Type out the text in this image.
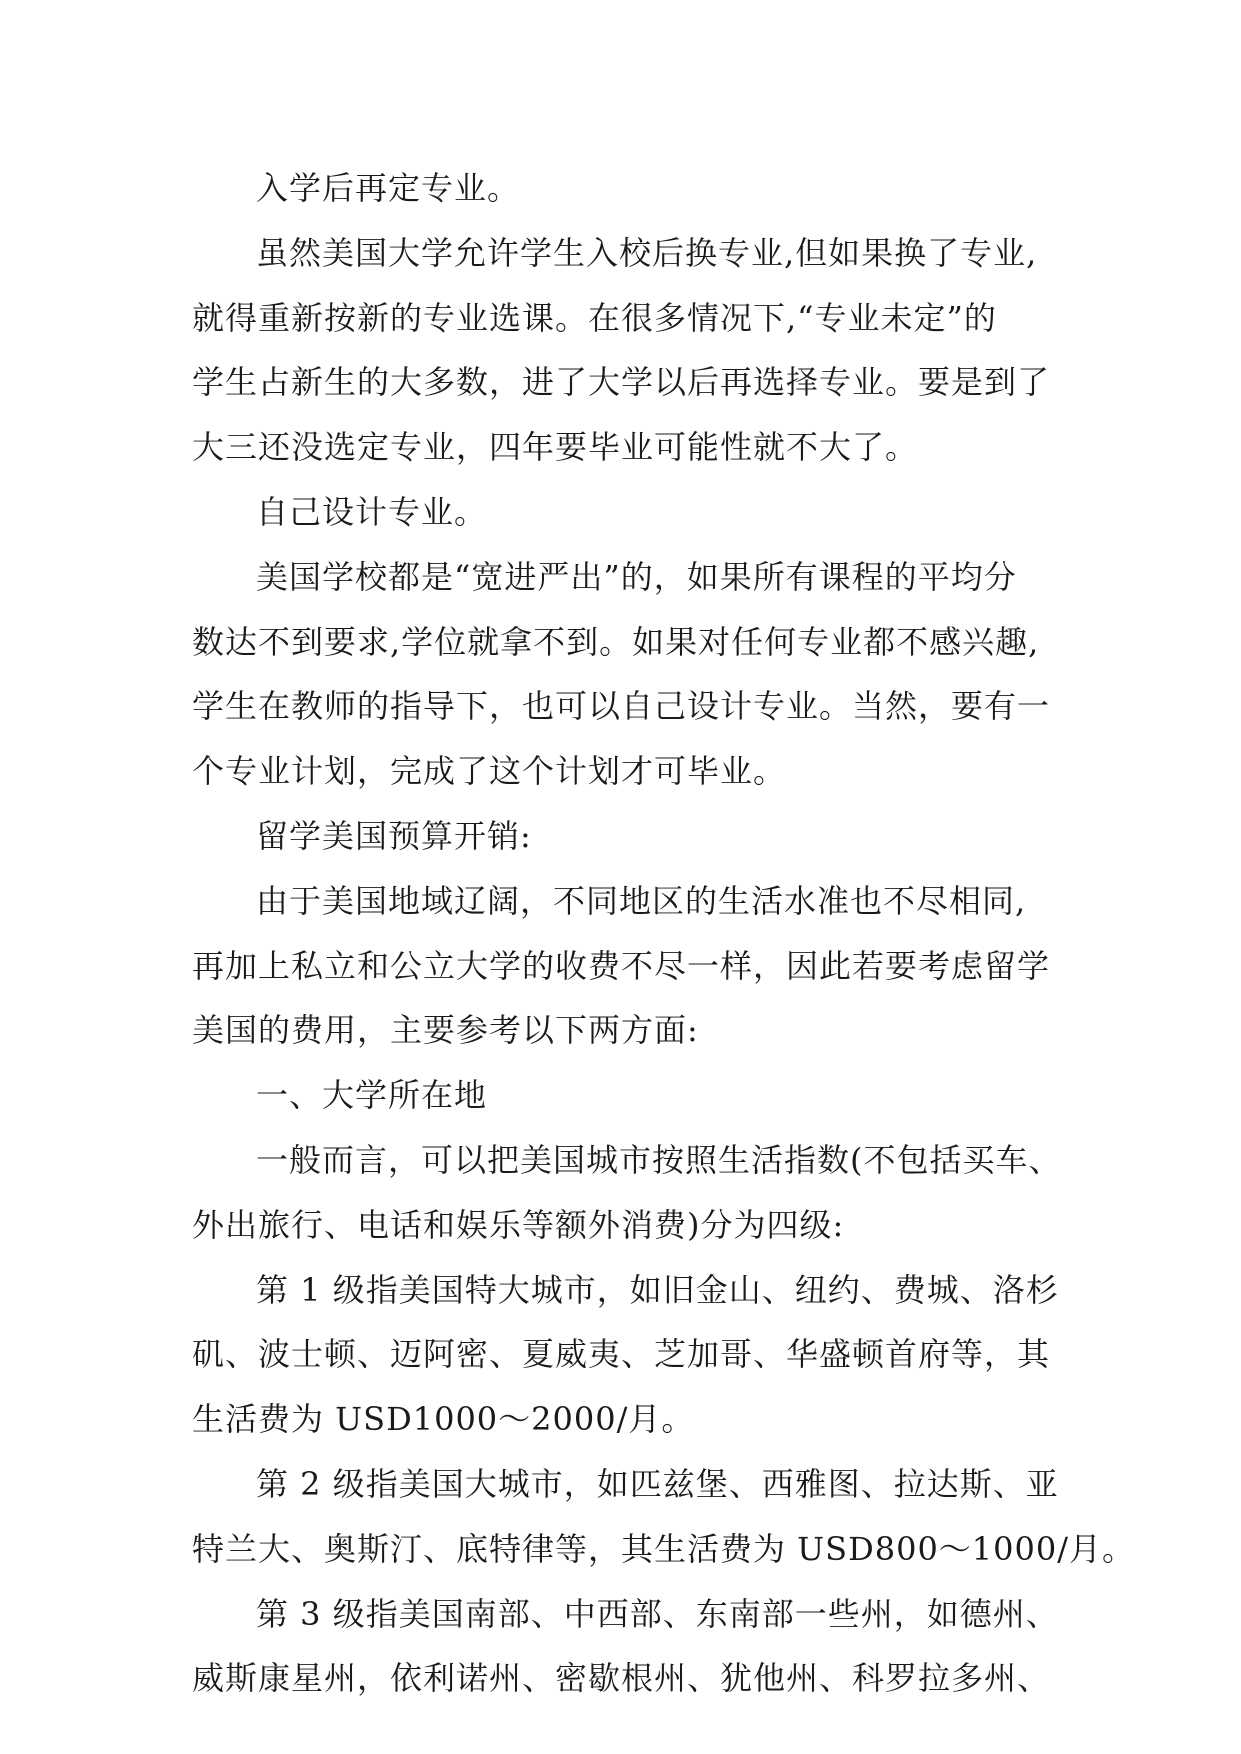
入学后再定专业。
虽然美国大学允许学生入校后换专业,但如果换了专业,
就得重新按新的专业选课。在很多情况下,“专业未定”的
学生占新生的大多数，进了大学以后再选择专业。要是到了
大三还没选定专业，四年要毕业可能性就不大了。
自己设计专业。
美国学校都是“宽进严出”的，如果所有课程的平均分
数达不到要求,学位就拿不到。如果对任何专业都不感兴趣,
学生在教师的指导下，也可以自己设计专业。当然，要有一
个专业计划，完成了这个计划才可毕业。
留学美国预算开销:
由于美国地域辽阔，不同地区的生活水准也不尽相同,
再加上私立和公立大学的收费不尽一样，因此若要考虑留学
美国的费用，主要参考以下两方面:
一、大学所在地
一般而言，可以把美国城市按照生活指数(不包括买车、
外出旅行、电话和娱乐等额外消费)分为四级:
第 1 级指美国特大城市，如旧金山、纽约、费城、洛杉
矶、波士顿、迈阿密、夏威夷、芝加哥、华盛顿首府等，其
生活费为 USD1000～2000/月。
第 2 级指美国大城市，如匹兹堡、西雅图、拉达斯、亚
特兰大、奥斯汀、底特律等，其生活费为 USD800～1000/月。
第 3 级指美国南部、中西部、东南部一些州，如德州、
威斯康星州，依利诺州、密歇根州、犹他州、科罗拉多州、
